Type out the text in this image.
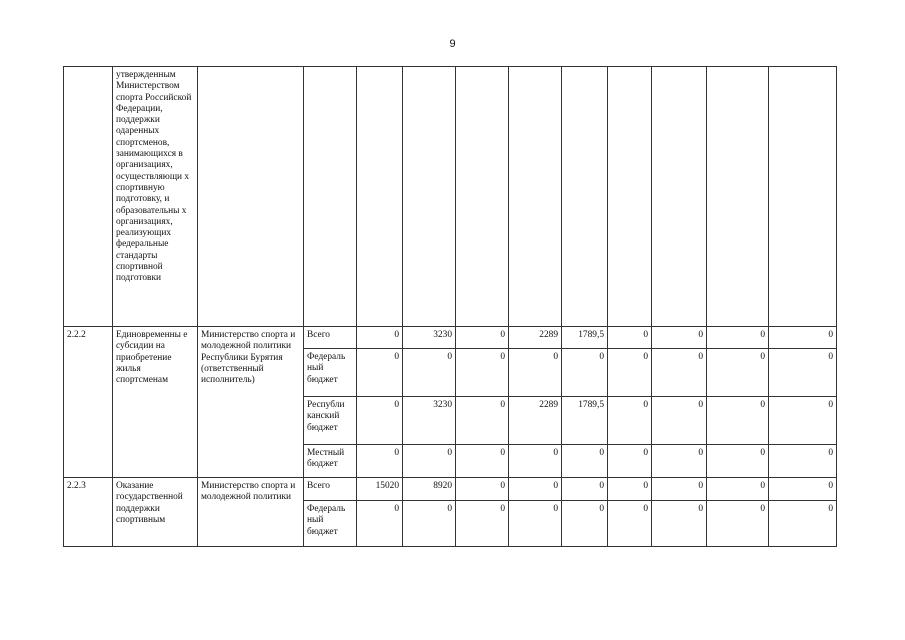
9
	утвержденным Министерством спорта Российской Федерации, поддержки одаренных спортсменов, занимающихся в организациях, осуществляющи х спортивную подготовку, и образовательны х организациях, реализующих федеральные стандарты спортивной подготовки											
2.2.2	Единовременны е субсидии на приобретение жилья спортсменам	Министерство спорта и молодежной политики Республики Бурятия (ответственный исполнитель)	Всего	0	3230	0	2289	1789,5	0	0	0	0
			Федераль ный бюджет	0	0	0	0	0	0	0	0	0
			Республи канский бюджет	0	3230	0	2289	1789,5	0	0	0	0
			Местный бюджет	0	0	0	0	0	0	0	0	0
2.2.3	Оказание государственной поддержки спортивным	Министерство спорта и молодежной политики	Всего	15020	8920	0	0	0	0	0	0	0
			Федераль ный бюджет	0	0	0	0	0	0	0	0	0
